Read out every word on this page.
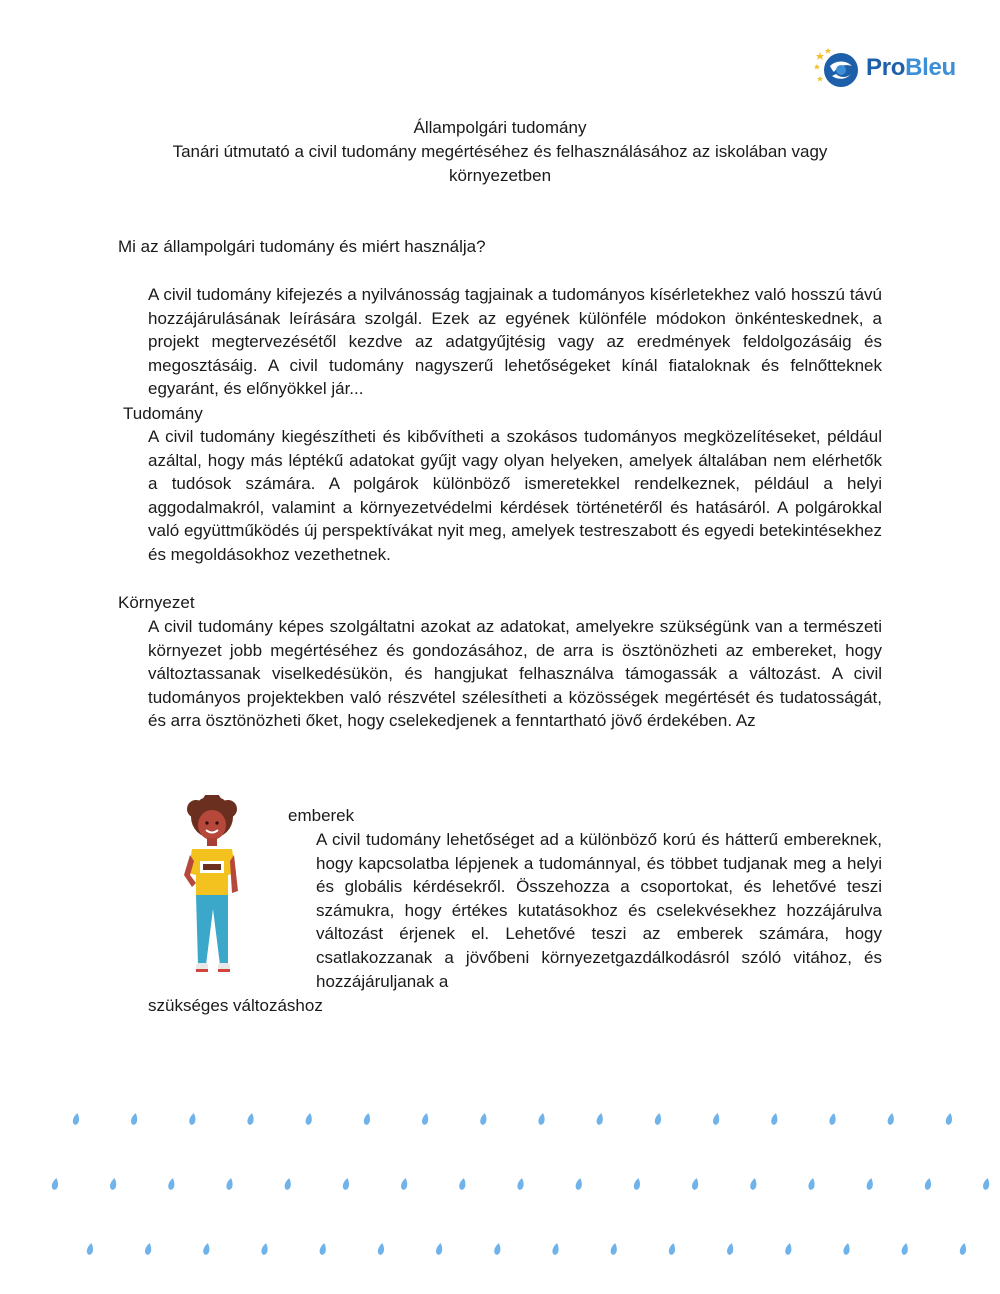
ProBleu
Állampolgári tudomány
Tanári útmutató a civil tudomány megértéséhez és felhasználásához az iskolában vagy
környezetben
Mi az állampolgári tudomány és miért használja?
A civil tudomány kifejezés a nyilvánosság tagjainak a tudományos kísérletekhez való hosszú távú hozzájárulásának leírására szolgál. Ezek az egyének különféle módokon önkénteskednek, a projekt megtervezésétől kezdve az adatgyűjtésig vagy az eredmények feldolgozásáig és megosztásáig. A civil tudomány nagyszerű lehetőségeket kínál fiataloknak és felnőtteknek egyaránt, és előnyökkel jár...
Tudomány
A civil tudomány kiegészítheti és kibővítheti a szokásos tudományos megközelítéseket, például azáltal, hogy más léptékű adatokat gyűjt vagy olyan helyeken, amelyek általában nem elérhetők a tudósok számára. A polgárok különböző ismeretekkel rendelkeznek, például a helyi aggodalmakról, valamint a környezetvédelmi kérdések történetéről és hatásáról. A polgárokkal való együttműködés új perspektívákat nyit meg, amelyek testreszabott és egyedi betekintésekhez és megoldásokhoz vezethetnek.
Környezet
A civil tudomány képes szolgáltatni azokat az adatokat, amelyekre szükségünk van a természeti környezet jobb megértéséhez és gondozásához, de arra is ösztönözheti az embereket, hogy változtassanak viselkedésükön, és hangjukat felhasználva támogassák a változást. A civil tudományos projektekben való részvétel szélesítheti a közösségek megértését és tudatosságát, és arra ösztönözheti őket, hogy cselekedjenek a fenntartható jövő érdekében. Az
emberek
A civil tudomány lehetőséget ad a különböző korú és hátterű embereknek, hogy kapcsolatba lépjenek a tudománnyal, és többet tudjanak meg a helyi és globális kérdésekről. Összehozza a csoportokat, és lehetővé teszi számukra, hogy értékes kutatásokhoz és cselekvésekhez hozzájárulva változást érjenek el. Lehetővé teszi az emberek számára, hogy csatlakozzanak a jövőbeni környezetgazdálkodásról szóló vitához, és hozzájáruljanak a
szükséges változáshoz
